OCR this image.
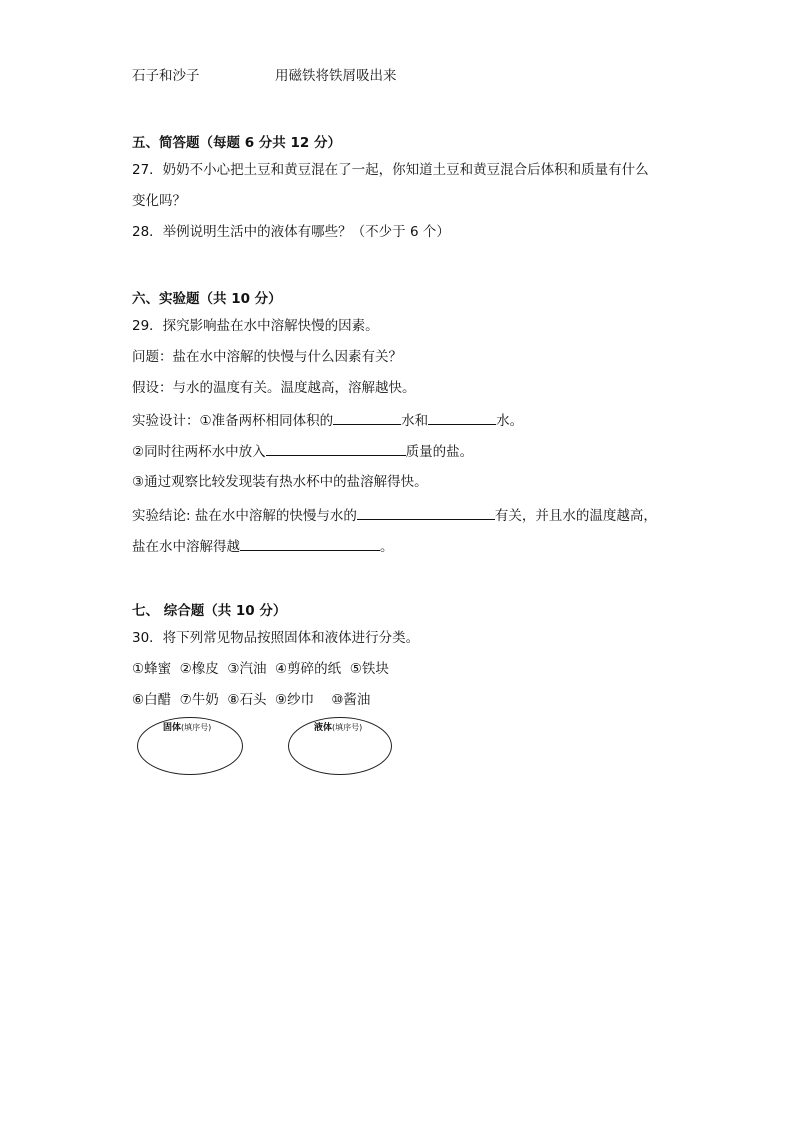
石子和沙子	用磁铁将铁屑吸出来
五、简答题（每题 6 分共 12 分）
27．奶奶不小心把土豆和黄豆混在了一起，你知道土豆和黄豆混合后体积和质量有什么
变化吗？
28．举例说明生活中的液体有哪些？（不少于 6 个）
六、实验题（共 10 分）
29．探究影响盐在水中溶解快慢的因素。
问题：盐在水中溶解的快慢与什么因素有关？
假设：与水的温度有关。温度越高，溶解越快。
实验设计：①准备两杯相同体积的	水和	水。
②同时往两杯水中放入	质量的盐。
③通过观察比较发现装有热水杯中的盐溶解得快。
实验结论: 盐在水中溶解的快慢与水的	有关，并且水的温度越高，
盐在水中溶解得越	。
七、 综合题（共 10 分）
30．将下列常见物品按照固体和液体进行分类。
①蜂蜜  ②橡皮  ③汽油  ④剪碎的纸  ⑤铁块
⑥白醋  ⑦牛奶  ⑧石头  ⑨纱巾    ⑩酱油
固体(填序号)	液体(填序号)
